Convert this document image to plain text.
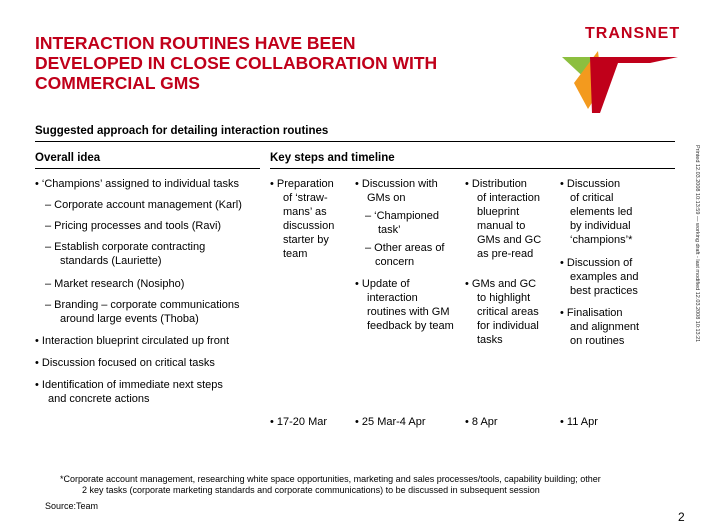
INTERACTION ROUTINES HAVE BEEN
DEVELOPED IN CLOSE COLLABORATION WITH
COMMERCIAL GMS
TRANSNET
Suggested approach for detailing interaction routines
Overall idea	Key steps and timeline
• ‘Champions’ assigned to individual tasks
– Corporate account management (Karl)
– Pricing processes and tools (Ravi)
– Establish corporate contracting
standards (Lauriette)
– Market research (Nosipho)
– Branding – corporate communications
around large events (Thoba)
• Interaction blueprint circulated up front
• Discussion focused on critical tasks
• Identification of immediate next steps
and concrete actions
• Preparation
of ‘straw-
mans’ as
discussion
starter by
team
• 17-20 Mar
• Discussion with
GMs on
– ‘Championed
task’
– Other areas of
concern
• Update of
interaction
routines with GM
feedback by team
• 25 Mar-4 Apr
• Distribution
of interaction
blueprint
manual to
GMs and GC
as pre-read
• GMs and GC
to highlight
critical areas
for individual
tasks
• 8 Apr
• Discussion
of critical
elements led
by individual
‘champions’*
• Discussion of
examples and
best practices
• Finalisation
and alignment
on routines
• 11 Apr
Printed 12.03.2008 10:13:59 — working draft - last modified 12.03.2008 10:13:21
*Corporate account management, researching white space opportunities, marketing and sales processes/tools, capability building; other
2 key tasks (corporate marketing standards and corporate communications) to be discussed in subsequent session
Source:Team
2
